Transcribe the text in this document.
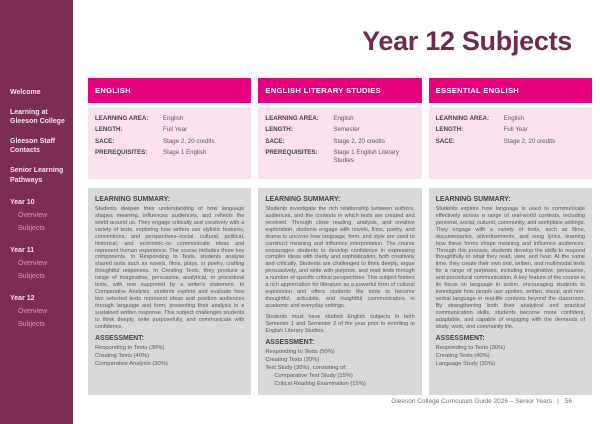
Welcome
Learning at Gleeson College
Gleeson Staff Contacts
Senior Learning Pathways
Year 10
Overview
Subjects
Year 11
Overview
Subjects
Year 12
Overview
Subjects
Year 12 Subjects
ENGLISH
LEARNING AREA:	English
LENGTH:	Full Year
SACE:	Stage 2, 20 credits
PREREQUISITES:	Stage 1 English
LEARNING SUMMARY:

Students deepen their understanding of how language shapes meaning, influences audiences, and reflects the world around us. They engage critically and creatively with a variety of texts, exploring how writers use stylistic features, conventions, and perspectives–social, cultural, political, historical, and economic–to communicate ideas and represent human experience. The course includes three key components. In Responding to Texts, students analyse shared texts such as novels, films, plays, or poetry, crafting thoughtful responses. In Creating Texts, they produce a range of imaginative, persuasive, analytical, or procedural texts, with one supported by a writer's statement. In Comparative Analysis, students explore and evaluate how two selected texts represent ideas and position audiences through language and form, presenting their analysis in a sustained written response. This subject challenges students to think deeply, write purposefully, and communicate with confidence.

ASSESSMENT:
Responding to Texts (30%)
Creating Texts (40%)
Comparative Analysis (30%)
ENGLISH LITERARY STUDIES
LEARNING AREA:	English
LENGTH:	Semester
SACE:	Stage 2, 20 credits
PREREQUISITES:	Stage 1 English Literary Studies
LEARNING SUMMARY:

Students investigate the rich relationship between authors, audiences, and the contexts in which texts are created and received. Through close reading, analysis, and creative exploration, students engage with novels, films, poetry, and drama to uncover how language, form, and style are used to construct meaning and influence interpretation. The course encourages students to develop confidence in expressing complex ideas with clarity and sophistication, both creatively and critically. Students are challenged to think deeply, argue persuasively, and write with purpose, and read texts through a number of specific critical perspectives. This subject fosters a rich appreciation for literature as a powerful form of cultural expression and offers students the tools to become thoughtful, articulate, and insightful communicators in academic and everyday settings.

Students must have studied English subjects in both Semester 1 and Semester 2 of the year prior to enrolling in English Literary Studies.

ASSESSMENT:
Responding to Texts (50%)
Creating Texts (20%)
Text Study (30%), consisting of:
Comparative Text Study (15%)
Critical Reading Examination (15%)
ESSENTIAL ENGLISH
LEARNING AREA:	English
LENGTH:	Full Year
SACE:	Stage 2, 20 credits
LEARNING SUMMARY:

Students explore how language is used to communicate effectively across a range of real-world contexts, including personal, social, cultural, community, and workplace settings. They engage with a variety of texts, such as films, documentaries, advertisements, and song lyrics, learning how these forms shape meaning and influence audiences. Through this process, students develop the skills to respond thoughtfully to what they read, view, and hear. At the same time, they create their own oral, written, and multimodal texts for a range of purposes, including imaginative, persuasive, and procedural communication. A key feature of the course is its focus on language in action, encouraging students to investigate how people use spoken, written, visual, and non-verbal language in real-life contexts beyond the classroom. By strengthening both their analytical and practical communication skills, students become more confident, adaptable, and capable of engaging with the demands of study, work, and community life.

ASSESSMENT:
Responding to Texts (30%)
Creating Texts (40%)
Language Study (30%)
Gleeson College Curriculum Guide 2026 – Senior Years | 56
